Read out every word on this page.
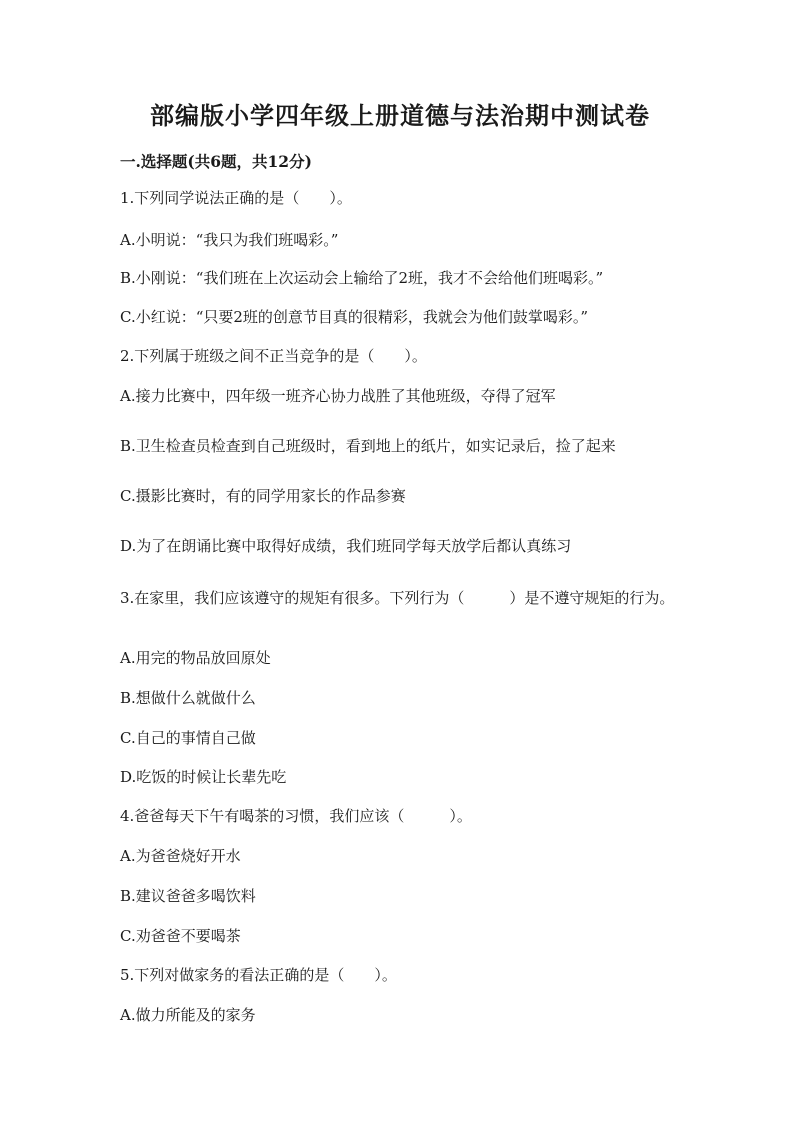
部编版小学四年级上册道德与法治期中测试卷
一.选择题(共6题，共12分)
1.下列同学说法正确的是（　　）。
A.小明说：“我只为我们班喝彩。”
B.小刚说：“我们班在上次运动会上输给了2班，我才不会给他们班喝彩。”
C.小红说：“只要2班的创意节目真的很精彩，我就会为他们鼓掌喝彩。”
2.下列属于班级之间不正当竞争的是（　　）。
A.接力比赛中，四年级一班齐心协力战胜了其他班级，夺得了冠军
B.卫生检查员检查到自己班级时，看到地上的纸片，如实记录后，捡了起来
C.摄影比赛时，有的同学用家长的作品参赛
D.为了在朗诵比赛中取得好成绩，我们班同学每天放学后都认真练习
3.在家里，我们应该遵守的规矩有很多。下列行为（　　　）是不遵守规矩的行为。
A.用完的物品放回原处
B.想做什么就做什么
C.自己的事情自己做
D.吃饭的时候让长辈先吃
4.爸爸每天下午有喝茶的习惯，我们应该（　　　）。
A.为爸爸烧好开水
B.建议爸爸多喝饮料
C.劝爸爸不要喝茶
5.下列对做家务的看法正确的是（　　）。
A.做力所能及的家务
